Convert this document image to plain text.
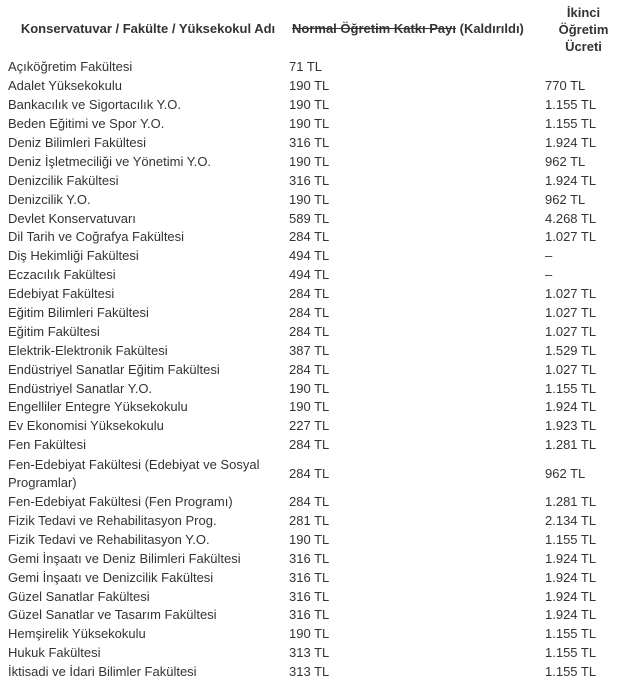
Konservatuvar / Fakülte / Yüksekokul Adı	Normal Öğretim Katkı Payı (Kaldırıldı)	İkinci
Öğretim
Ücreti
Açıköğretim Fakültesi	71 TL	
Adalet Yüksekokulu	190 TL	770 TL
Bankacılık ve Sigortacılık Y.O.	190 TL	1.155 TL
Beden Eğitimi ve Spor Y.O.	190 TL	1.155 TL
Deniz Bilimleri Fakültesi	316 TL	1.924 TL
Deniz İşletmeciliği ve Yönetimi Y.O.	190 TL	962 TL
Denizcilik Fakültesi	316 TL	1.924 TL
Denizcilik Y.O.	190 TL	962 TL
Devlet Konservatuvarı	589 TL	4.268 TL
Dil Tarih ve Coğrafya Fakültesi	284 TL	1.027 TL
Diş Hekimliği Fakültesi	494 TL	–
Eczacılık Fakültesi	494 TL	–
Edebiyat Fakültesi	284 TL	1.027 TL
Eğitim Bilimleri Fakültesi	284 TL	1.027 TL
Eğitim Fakültesi	284 TL	1.027 TL
Elektrik-Elektronik Fakültesi	387 TL	1.529 TL
Endüstriyel Sanatlar Eğitim Fakültesi	284 TL	1.027 TL
Endüstriyel Sanatlar Y.O.	190 TL	1.155 TL
Engelliler Entegre Yüksekokulu	190 TL	1.924 TL
Ev Ekonomisi Yüksekokulu	227 TL	1.923 TL
Fen Fakültesi	284 TL	1.281 TL
Fen-Edebiyat Fakültesi (Edebiyat ve Sosyal Programlar)	284 TL	962 TL
Fen-Edebiyat Fakültesi (Fen Programı)	284 TL	1.281 TL
Fizik Tedavi ve Rehabilitasyon Prog.	281 TL	2.134 TL
Fizik Tedavi ve Rehabilitasyon Y.O.	190 TL	1.155 TL
Gemi İnşaatı ve Deniz Bilimleri Fakültesi	316 TL	1.924 TL
Gemi İnşaatı ve Denizcilik Fakültesi	316 TL	1.924 TL
Güzel Sanatlar Fakültesi	316 TL	1.924 TL
Güzel Sanatlar ve Tasarım Fakültesi	316 TL	1.924 TL
Hemşirelik Yüksekokulu	190 TL	1.155 TL
Hukuk Fakültesi	313 TL	1.155 TL
İktisadi ve İdari Bilimler Fakültesi	313 TL	1.155 TL
